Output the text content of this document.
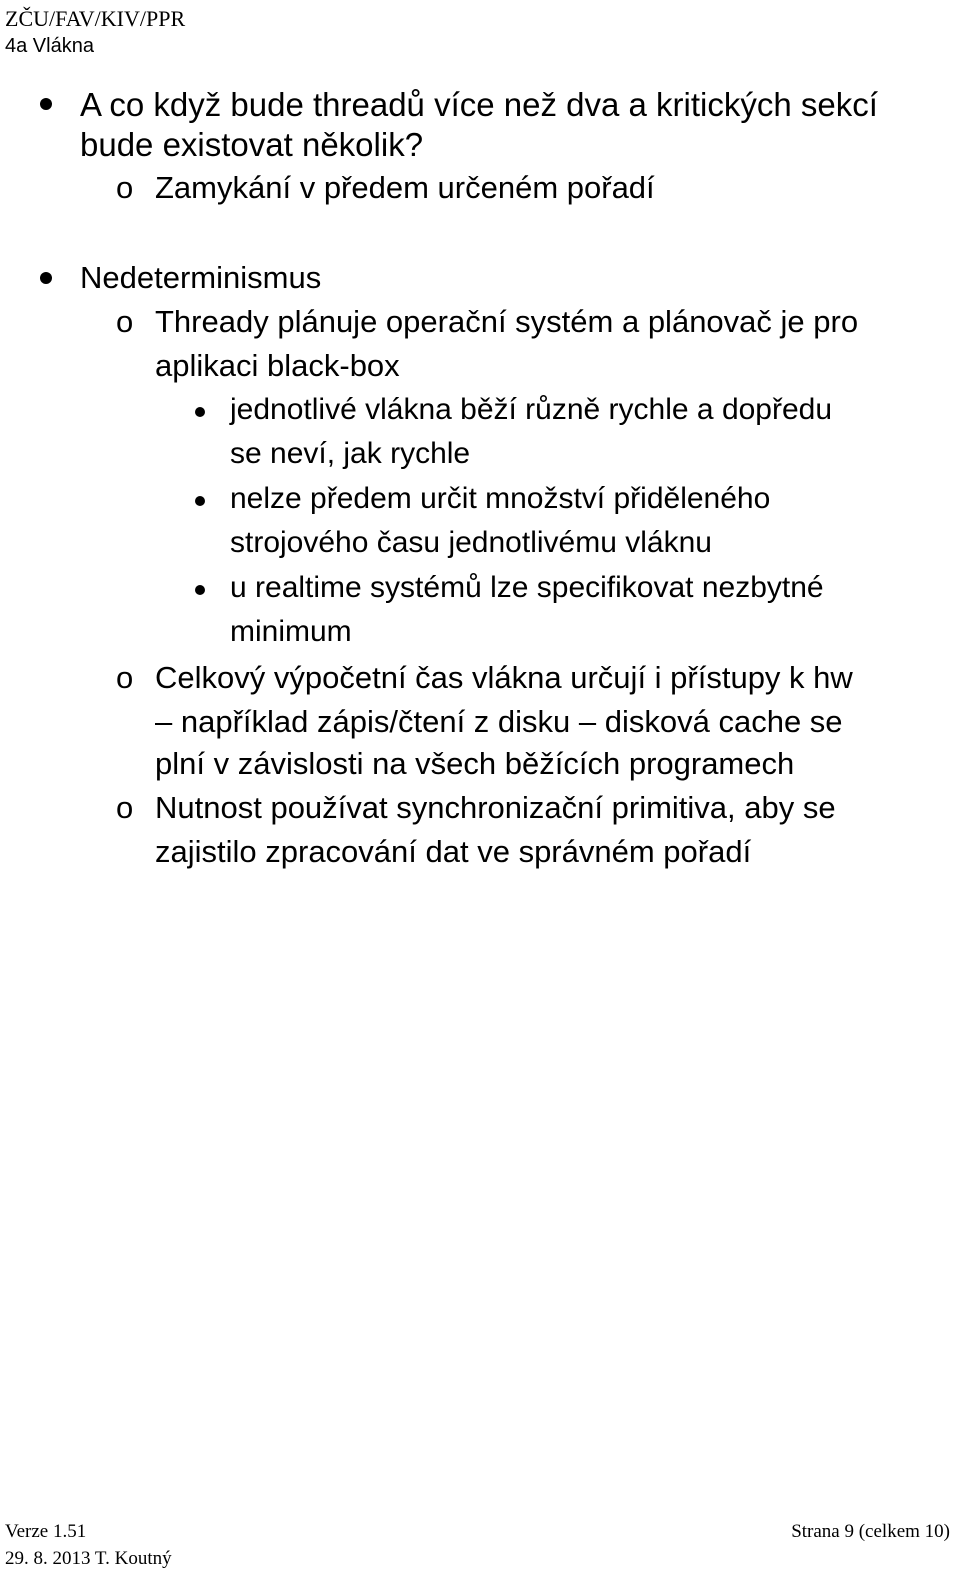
ZČU/FAV/KIV/PPR
4a Vlákna
A co když bude threadů více než dva a kritických sekcí
bude existovat několik?
o Zamykání v předem určeném pořadí
Nedeterminismus
o Thready plánuje operační systém a plánovač je pro
aplikaci black-box
jednotlivé vlákna běží různě rychle a dopředu
se neví, jak rychle
nelze předem určit množství přiděleného
strojového času jednotlivému vláknu
u realtime systémů lze specifikovat nezbytné
minimum
o Celkový výpočetní čas vlákna určují i přístupy k hw
– například zápis/čtení z disku – disková cache se
plní v závislosti na všech běžících programech
o Nutnost používat synchronizační primitiva, aby se
zajistilo zpracování dat ve správném pořadí
Verze 1.51
29. 8. 2013 T. Koutný
Strana 9 (celkem 10)
